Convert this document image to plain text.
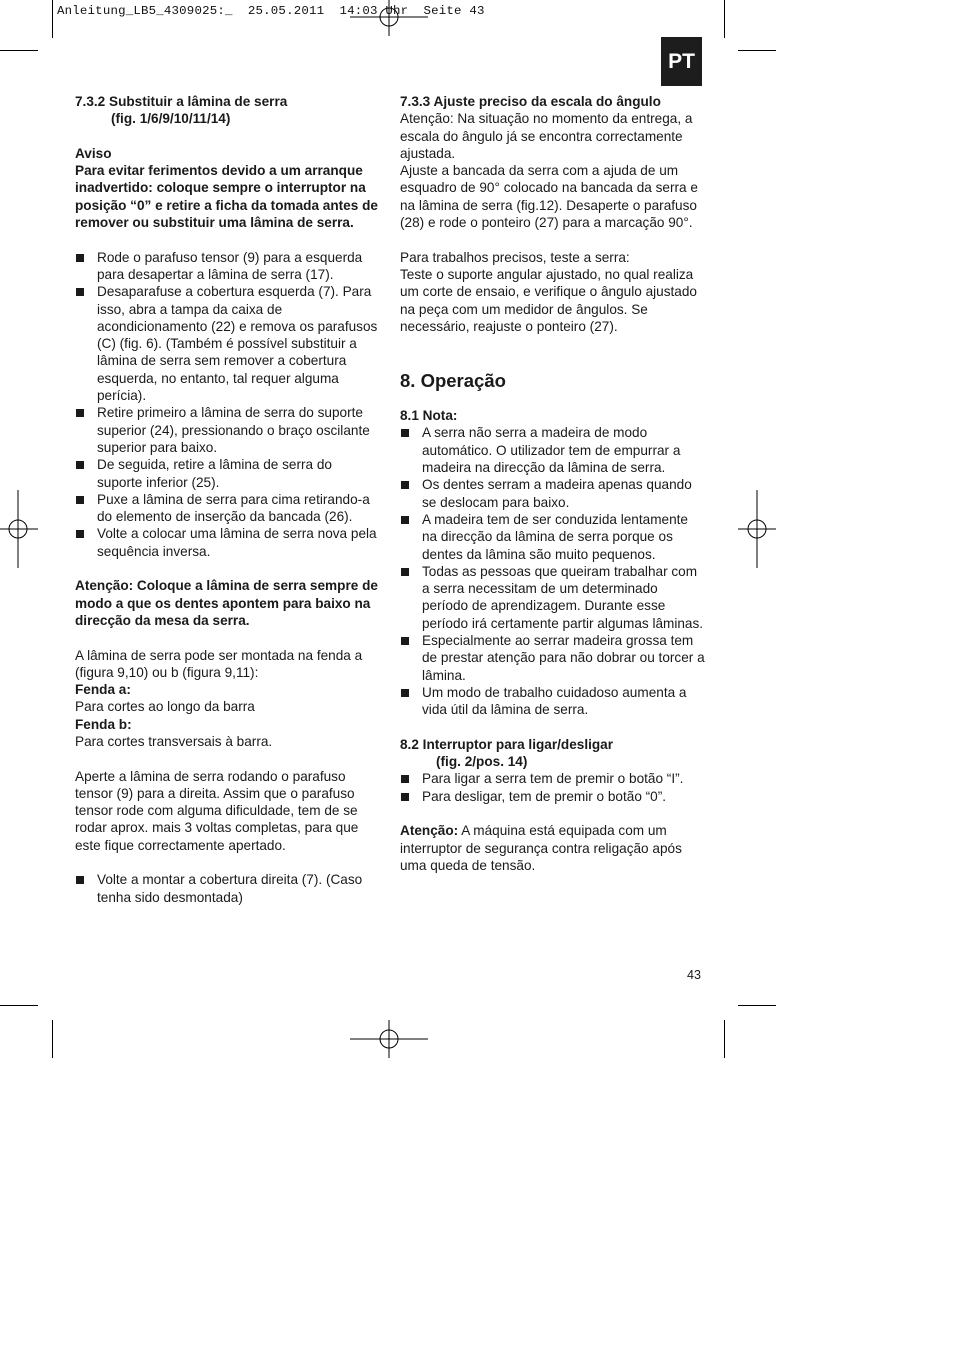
Anleitung_LB5_4309025:_  25.05.2011  14:03 Uhr  Seite 43
PT

7.3.2 Substituir a lâmina de serra

(fig. 1/6/9/10/11/14)

Aviso

Para evitar ferimentos devido a um arranque inadvertido: coloque sempre o interruptor na posição “0” e retire a ficha da tomada antes de remover ou substituir uma lâmina de serra.

Rode o parafuso tensor (9) para a esquerda para desapertar a lâmina de serra (17).
Desaparafuse a cobertura esquerda (7). Para isso, abra a tampa da caixa de acondicionamento (22) e remova os parafusos (C) (fig. 6). (Também é possível substituir a lâmina de serra sem remover a cobertura esquerda, no entanto, tal requer alguma perícia).
Retire primeiro a lâmina de serra do suporte superior (24), pressionando o braço oscilante superior para baixo.
De seguida, retire a lâmina de serra do suporte inferior (25).
Puxe a lâmina de serra para cima retirando-a do elemento de inserção da bancada (26).
Volte a colocar uma lâmina de serra nova pela sequência inversa.

Atenção: Coloque a lâmina de serra sempre de modo a que os dentes apontem para baixo na direcção da mesa da serra.

A lâmina de serra pode ser montada na fenda a (figura 9,10) ou b (figura 9,11):

Fenda a:

Para cortes ao longo da barra

Fenda b:

Para cortes transversais à barra.

Aperte a lâmina de serra rodando o parafuso tensor (9) para a direita. Assim que o parafuso tensor rode com alguma dificuldade, tem de se rodar aprox. mais 3 voltas completas, para que este fique correctamente apertado.

Volte a montar a cobertura direita (7). (Caso tenha sido desmontada)

7.3.3 Ajuste preciso da escala do ângulo

Atenção: Na situação no momento da entrega, a escala do ângulo já se encontra correctamente ajustada.

Ajuste a bancada da serra com a ajuda de um esquadro de 90° colocado na bancada da serra e na lâmina de serra (fig.12). Desaperte o parafuso (28) e rode o ponteiro (27) para a marcação 90°.

Para trabalhos precisos, teste a serra:

Teste o suporte angular ajustado, no qual realiza um corte de ensaio, e verifique o ângulo ajustado na peça com um medidor de ângulos. Se necessário, reajuste o ponteiro (27).

8. Operação

8.1 Nota:

A serra não serra a madeira de modo automático. O utilizador tem de empurrar a madeira na direcção da lâmina de serra.
Os dentes serram a madeira apenas quando se deslocam para baixo.
A madeira tem de ser conduzida lentamente na direcção da lâmina de serra porque os dentes da lâmina são muito pequenos.
Todas as pessoas que queiram trabalhar com a serra necessitam de um determinado período de aprendizagem. Durante esse período irá certamente partir algumas lâminas.
Especialmente ao serrar madeira grossa tem de prestar atenção para não dobrar ou torcer a lâmina.
Um modo de trabalho cuidadoso aumenta a vida útil da lâmina de serra.

8.2 Interruptor para ligar/desligar

(fig. 2/pos. 14)

Para ligar a serra tem de premir o botão “I”.
Para desligar, tem de premir o botão “0”.

Atenção: A máquina está equipada com um interruptor de segurança contra religação após uma queda de tensão.

43
